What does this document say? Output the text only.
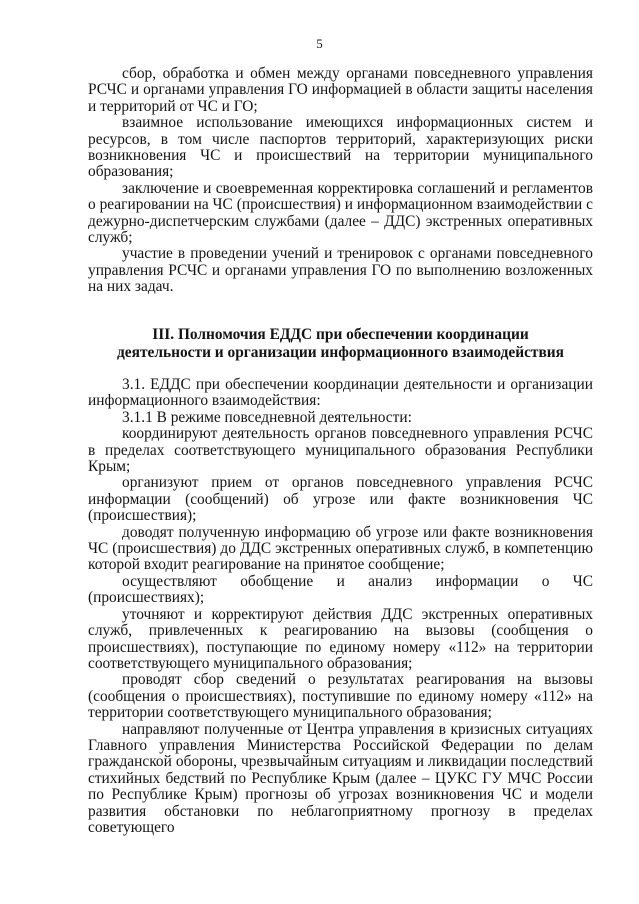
5

сбор, обработка и обмен между органами повседневного управления РСЧС и органами управления ГО информацией в области защиты населения и территорий от ЧС и ГО;

взаимное использование имеющихся информационных систем и ресурсов, в том числе паспортов территорий, характеризующих риски возникновения ЧС и происшествий на территории муниципального образования;

заключение и своевременная корректировка соглашений и регламентов о реагировании на ЧС (происшествия) и информационном взаимодействии с дежурно-диспетчерским службами (далее – ДДС) экстренных оперативных служб;

участие в проведении учений и тренировок с органами повседневного управления РСЧС и органами управления ГО по выполнению возложенных на них задач.

III. Полномочия ЕДДС при обеспечении координации
деятельности и организации информационного взаимодействия

3.1. ЕДДС при обеспечении координации деятельности и организации информационного взаимодействия:

3.1.1 В режиме повседневной деятельности:

координируют деятельность органов повседневного управления РСЧС в пределах соответствующего муниципального образования Республики Крым;

организуют прием от органов повседневного управления РСЧС информации (сообщений) об угрозе или факте возникновения ЧС (происшествия);

доводят полученную информацию об угрозе или факте возникновения ЧС (происшествия) до ДДС экстренных оперативных служб, в компетенцию которой входит реагирование на принятое сообщение;

осуществляют обобщение и анализ информации о ЧС (происшествиях);

уточняют и корректируют действия ДДС экстренных оперативных служб, привлеченных к реагированию на вызовы (сообщения о происшествиях), поступающие по единому номеру «112» на территории соответствующего муниципального образования;

проводят сбор сведений о результатах реагирования на вызовы (сообщения о происшествиях), поступившие по единому номеру «112» на территории соответствующего муниципального образования;

направляют полученные от Центра управления в кризисных ситуациях Главного управления Министерства Российской Федерации по делам гражданской обороны, чрезвычайным ситуациям и ликвидации последствий стихийных бедствий по Республике Крым (далее – ЦУКС ГУ МЧС России по Республике Крым) прогнозы об угрозах возникновения ЧС и модели развития обстановки по неблагоприятному прогнозу в пределах советующего
